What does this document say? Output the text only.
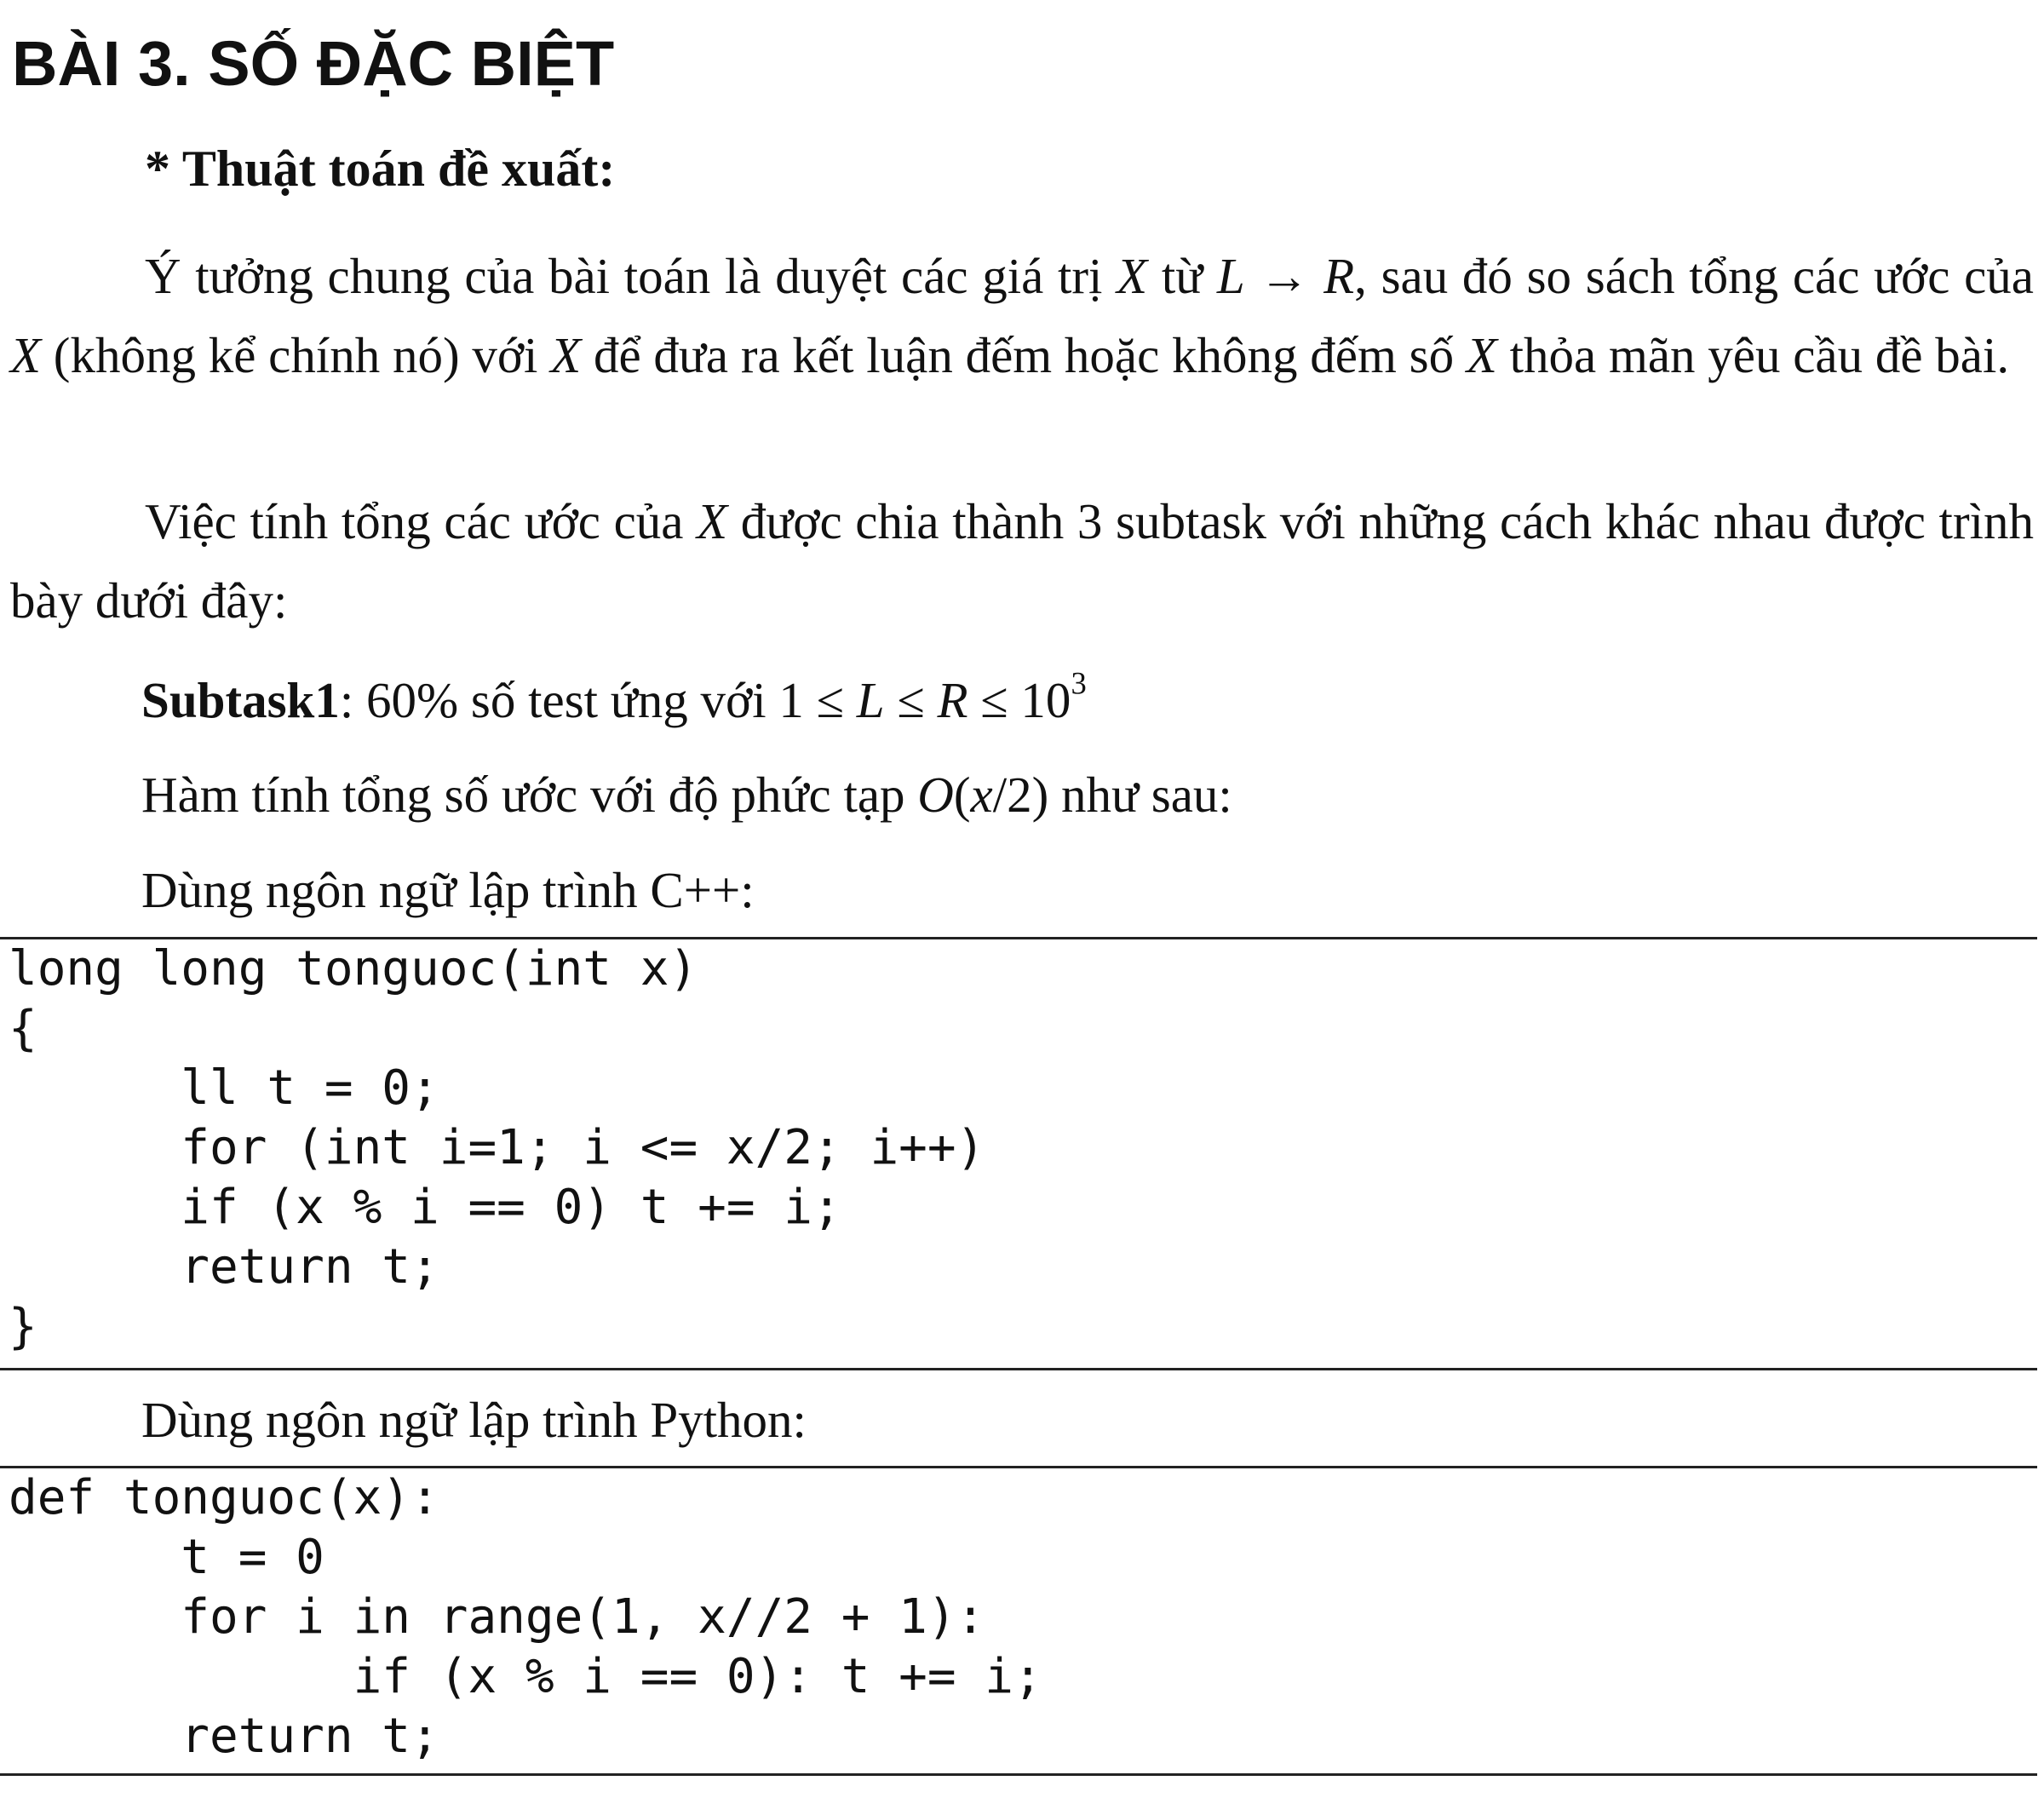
BÀI 3. SỐ ĐẶC BIỆT
* Thuật toán đề xuất:

Ý tưởng chung của bài toán là duyệt các giá trị X từ L → R, sau đó so sách tổng các ước của X (không kể chính nó) với X để đưa ra kết luận đếm hoặc không đếm số X thỏa mãn yêu cầu đề bài.

Việc tính tổng các ước của X được chia thành 3 subtask với những cách khác nhau được trình bày dưới đây:

Subtask1: 60% số test ứng với $1 \le L \le R \le 10^3$

Hàm tính tổng số ước với độ phức tạp O(x/2) như sau:

Dùng ngôn ngữ lập trình C++:

long long tonguoc(int x)
{
ll t = 0;
for (int i=1; i <= x/2; i++)
if (x % i == 0) t += i;
return t;
}

Dùng ngôn ngữ lập trình Python:

def tonguoc(x):
t = 0
for i in range(1, x//2 + 1):
if (x % i == 0): t += i;
return t;
